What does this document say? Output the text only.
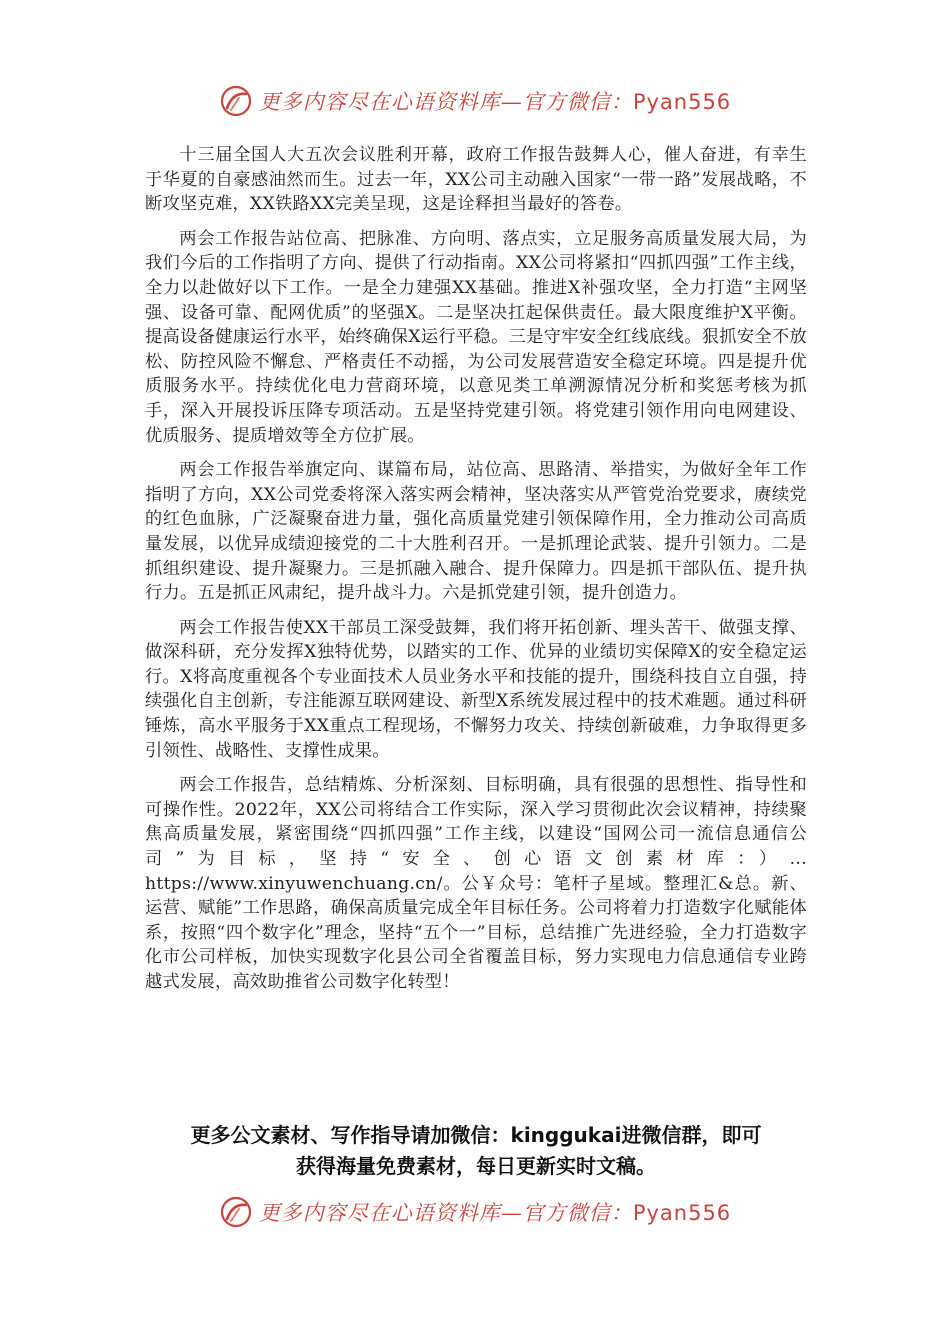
更多内容尽在心语资料库—官方微信：Pyan556

十三届全国人大五次会议胜利开幕，政府工作报告鼓舞人心，催人奋进，有幸生于华夏的自豪感油然而生。过去一年，XX公司主动融入国家“一带一路”发展战略，不断攻坚克难，XX铁路XX完美呈现，这是诠释担当最好的答卷。

两会工作报告站位高、把脉准、方向明、落点实，立足服务高质量发展大局，为我们今后的工作指明了方向、提供了行动指南。XX公司将紧扣“四抓四强”工作主线，全力以赴做好以下工作。一是全力建强XX基础。推进X补强攻坚，全力打造“主网坚强、设备可靠、配网优质”的坚强X。二是坚决扛起保供责任。最大限度维护X平衡。提高设备健康运行水平，始终确保X运行平稳。三是守牢安全红线底线。狠抓安全不放松、防控风险不懈怠、严格责任不动摇，为公司发展营造安全稳定环境。四是提升优质服务水平。持续优化电力营商环境，以意见类工单溯源情况分析和奖惩考核为抓手，深入开展投诉压降专项活动。五是坚持党建引领。将党建引领作用向电网建设、优质服务、提质增效等全方位扩展。

两会工作报告举旗定向、谋篇布局，站位高、思路清、举措实，为做好全年工作指明了方向，XX公司党委将深入落实两会精神，坚决落实从严管党治党要求，赓续党的红色血脉，广泛凝聚奋进力量，强化高质量党建引领保障作用，全力推动公司高质量发展，以优异成绩迎接党的二十大胜利召开。一是抓理论武装、提升引领力。二是抓组织建设、提升凝聚力。三是抓融入融合、提升保障力。四是抓干部队伍、提升执行力。五是抓正风肃纪，提升战斗力。六是抓党建引领，提升创造力。

两会工作报告使XX干部员工深受鼓舞，我们将开拓创新、埋头苦干、做强支撑、做深科研，充分发挥X独特优势，以踏实的工作、优异的业绩切实保障X的安全稳定运行。X将高度重视各个专业面技术人员业务水平和技能的提升，围绕科技自立自强，持续强化自主创新，专注能源互联网建设、新型X系统发展过程中的技术难题。通过科研锤炼，高水平服务于XX重点工程现场，不懈努力攻关、持续创新破难，力争取得更多引领性、战略性、支撑性成果。

两会工作报告，总结精炼、分析深刻、目标明确，具有很强的思想性、指导性和可操作性。2022年，XX公司将结合工作实际，深入学习贯彻此次会议精神，持续聚焦高质量发展，紧密围绕“四抓四强”工作主线，以建设“国网公司一流信息通信公司”为目标，坚持“安全、创心语文创素材库：）…https://www.xinyuwenchuang.cn/。公￥众号：笔杆子星域。整理汇&总。新、运营、赋能”工作思路，确保高质量完成全年目标任务。公司将着力打造数字化赋能体系，按照“四个数字化”理念，坚持“五个一”目标，总结推广先进经验，全力打造数字化市公司样板，加快实现数字化县公司全省覆盖目标，努力实现电力信息通信专业跨越式发展，高效助推省公司数字化转型！

更多公文素材、写作指导请加微信：kinggukai进微信群，即可
获得海量免费素材，每日更新实时文稿。
更多内容尽在心语资料库—官方微信：Pyan556
